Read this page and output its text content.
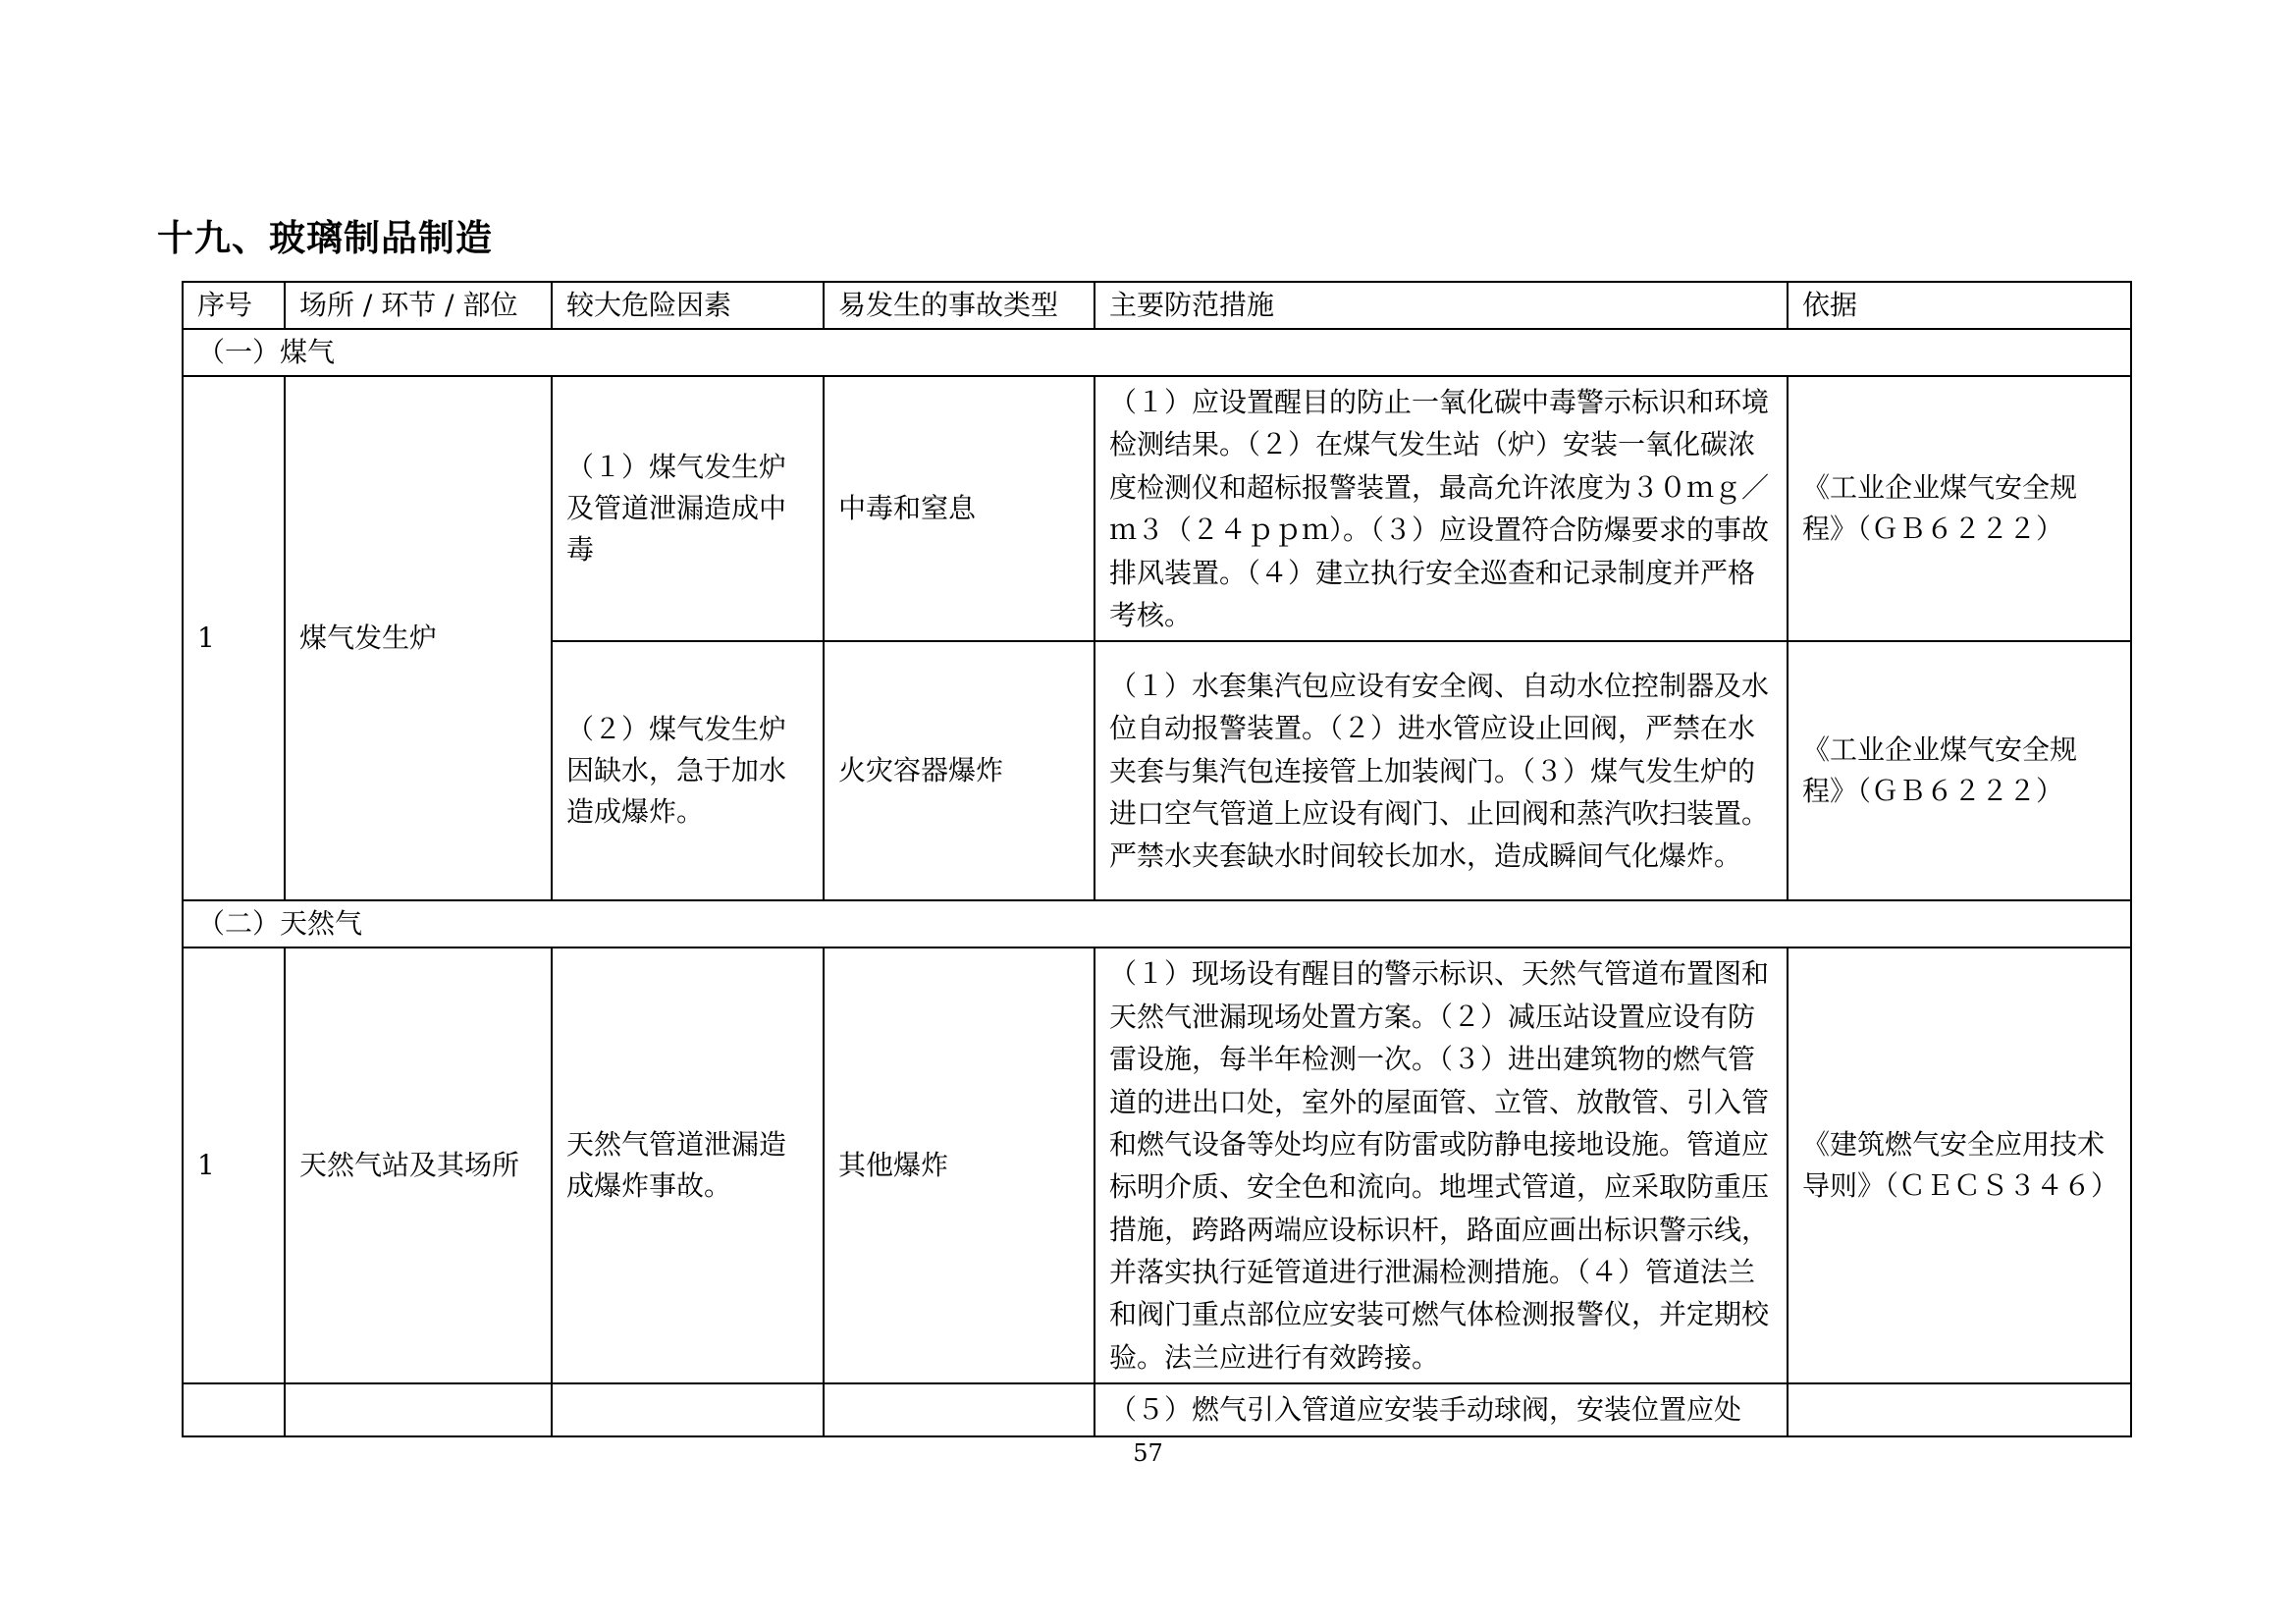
十九、玻璃制品制造
序号	场所 / 环节 / 部位	较大危险因素	易发生的事故类型	主要防范措施	依据
（一）煤气					
1	煤气发生炉	（１）煤气发生炉及管道泄漏造成中毒	中毒和窒息	（１）应设置醒目的防止一氧化碳中毒警示标识和环境检测结果。（２）在煤气发生站（炉）安装一氧化碳浓度检测仪和超标报警装置，最高允许浓度为３０ｍｇ／ｍ３（２４ｐｐｍ）。（３）应设置符合防爆要求的事故排风装置。（４）建立执行安全巡查和记录制度并严格考核。	《工业企业煤气安全规程》（ＧＢ６２２２）
		（２）煤气发生炉因缺水，急于加水造成爆炸。	火灾容器爆炸	（１）水套集汽包应设有安全阀、自动水位控制器及水位自动报警装置。（２）进水管应设止回阀，严禁在水夹套与集汽包连接管上加装阀门。（３）煤气发生炉的进口空气管道上应设有阀门、止回阀和蒸汽吹扫装置。严禁水夹套缺水时间较长加水，造成瞬间气化爆炸。	《工业企业煤气安全规程》（ＧＢ６２２２）
（二）天然气					
1	天然气站及其场所	天然气管道泄漏造成爆炸事故。	其他爆炸	（１）现场设有醒目的警示标识、天然气管道布置图和天然气泄漏现场处置方案。（２）减压站设置应设有防雷设施，每半年检测一次。（３）进出建筑物的燃气管道的进出口处，室外的屋面管、立管、放散管、引入管和燃气设备等处均应有防雷或防静电接地设施。管道应标明介质、安全色和流向。地埋式管道，应采取防重压措施，跨路两端应设标识杆，路面应画出标识警示线，并落实执行延管道进行泄漏检测措施。（４）管道法兰和阀门重点部位应安装可燃气体检测报警仪，并定期校验。法兰应进行有效跨接。	《建筑燃气安全应用技术导则》（ＣＥＣＳ３４６）
				（５）燃气引入管道应安装手动球阀，安装位置应处	

57
